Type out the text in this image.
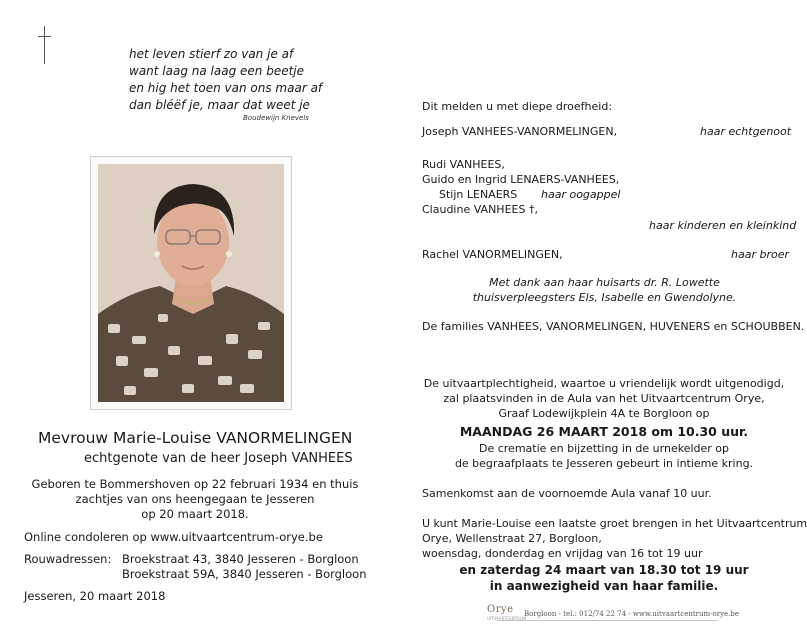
het leven stierf zo van je af
want laag na laag een beetje
en hig het toen van ons maar af
dan bléëf je, maar dat weet je
Boudewijn Knevels
Mevrouw Marie-Louise VANORMELINGEN
echtgenote van de heer Joseph VANHEES
Geboren te Bommershoven op 22 februari 1934 en thuis
zachtjes van ons heengegaan te Jesseren
op 20 maart 2018.
Online condoleren op www.uitvaartcentrum-orye.be
Rouwadressen: Broekstraat 43, 3840 Jesseren - Borgloon
Broekstraat 59A, 3840 Jesseren - Borgloon
Jesseren, 20 maart 2018
Dit melden u met diepe droefheid:
Joseph VANHEES-VANORMELINGEN,	haar echtgenoot
Rudi VANHEES,
Guido en Ingrid LENAERS-VANHEES,
Stijn LENAERS haar oogappel
Claudine VANHEES †,
haar kinderen en kleinkind
Rachel VANORMELINGEN,	haar broer
Met dank aan haar huisarts dr. R. Lowette
thuisverpleegsters Els, Isabelle en Gwendolyne.
De families VANHEES, VANORMELINGEN, HUVENERS en SCHOUBBEN.
De uitvaartplechtigheid, waartoe u vriendelijk wordt uitgenodigd,
zal plaatsvinden in de Aula van het Uitvaartcentrum Orye,
Graaf Lodewijkplein 4A te Borgloon op
MAANDAG 26 MAART 2018 om 10.30 uur.
De crematie en bijzetting in de urnekelder op
de begraafplaats te Jesseren gebeurt in intieme kring.
Samenkomst aan de voornoemde Aula vanaf 10 uur.
U kunt Marie-Louise een laatste groet brengen in het Uitvaartcentrum
Orye, Wellenstraat 27, Borgloon,
woensdag, donderdag en vrijdag van 16 tot 19 uur
en zaterdag 24 maart van 18.30 tot 19 uur
in aanwezigheid van haar familie.
Orye
UITVAARTCENTRUM
Borgloon - tel.: 012/74 22 74 - www.uitvaartcentrum-orye.be
